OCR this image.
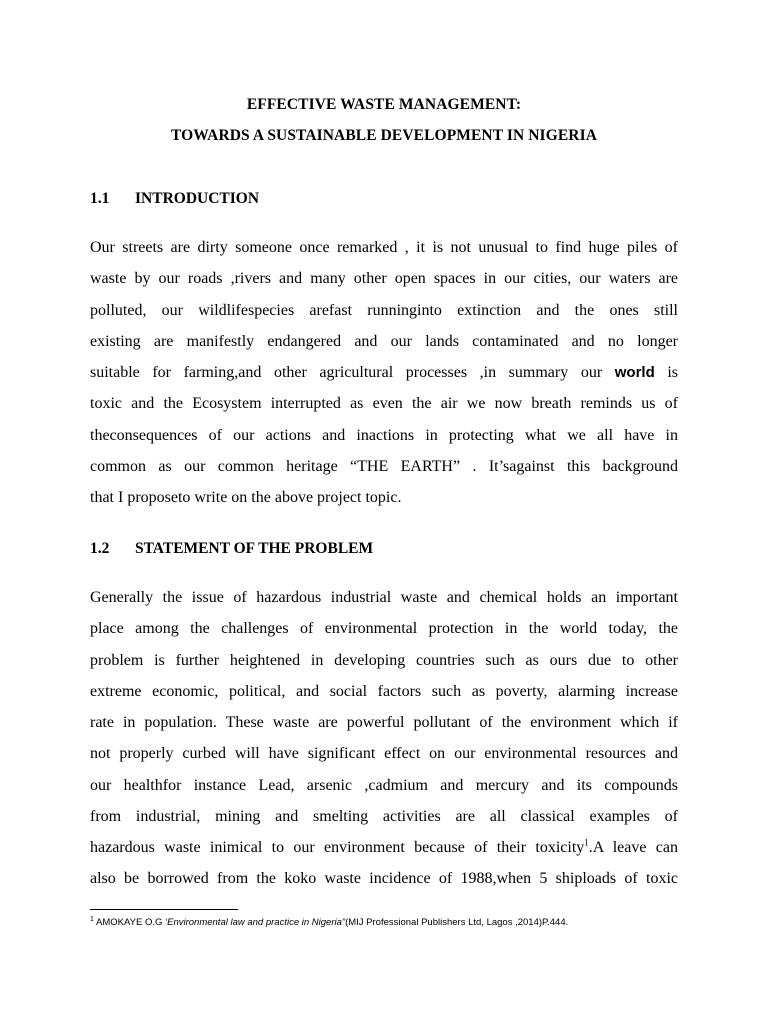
EFFECTIVE WASTE MANAGEMENT:
TOWARDS A SUSTAINABLE DEVELOPMENT IN NIGERIA
1.1 INTRODUCTION
Our streets are dirty someone once remarked , it is not unusual to find huge piles of
waste by our roads ,rivers and many other open spaces in our cities, our waters are
polluted, our wildlifespecies arefast runninginto extinction and the ones still
existing are manifestly endangered and our lands contaminated and no longer
suitable for farming,and other agricultural processes ,in summary our world is
toxic and the Ecosystem interrupted as even the air we now breath reminds us of
theconsequences of our actions and inactions in protecting what we all have in
common as our common heritage “THE EARTH” . It’sagainst this background
that I proposeto write on the above project topic.
1.2 STATEMENT OF THE PROBLEM
Generally the issue of hazardous industrial waste and chemical holds an important
place among the challenges of environmental protection in the world today, the
problem is further heightened in developing countries such as ours due to other
extreme economic, political, and social factors such as poverty, alarming increase
rate in population. These waste are powerful pollutant of the environment which if
not properly curbed will have significant effect on our environmental resources and
our healthfor instance Lead, arsenic ,cadmium and mercury and its compounds
from industrial, mining and smelting activities are all classical examples of
hazardous waste inimical to our environment because of their toxicity$^1$.A leave can
also be borrowed from the koko waste incidence of 1988,when 5 shiploads of toxic
$^1$ AMOKAYE O.G ‘Environmental law and practice in Nigeria”(MIJ Professional Publishers Ltd, Lagos ,2014)P.444.
